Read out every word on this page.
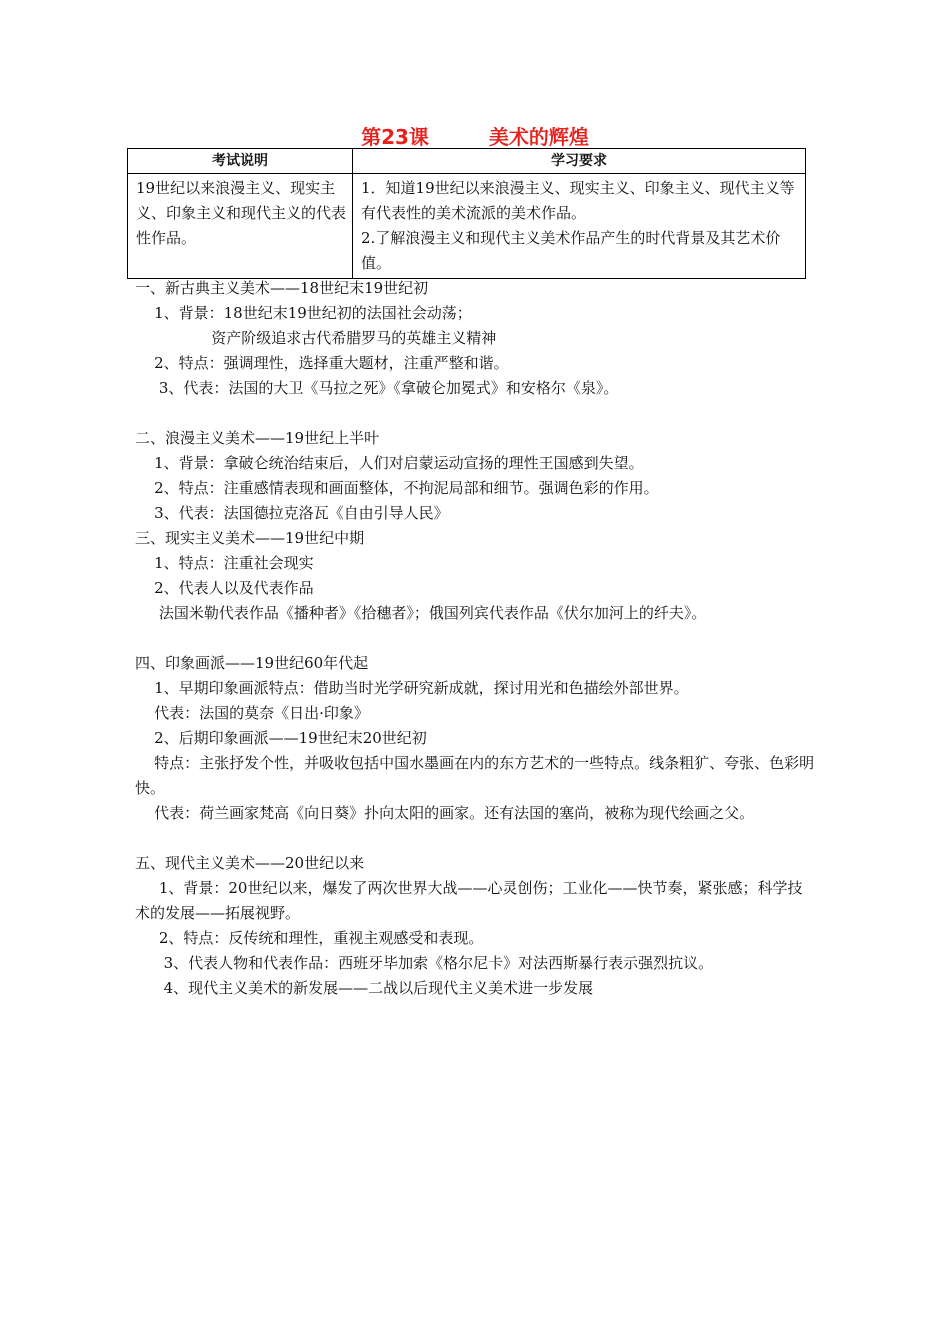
第23课　　　美术的辉煌
考试说明	学习要求
19世纪以来浪漫主义、现实主义、印象主义和现代主义的代表性作品。	1．知道19世纪以来浪漫主义、现实主义、印象主义、现代主义等有代表性的美术流派的美术作品。
2.了解浪漫主义和现代主义美术作品产生的时代背景及其艺术价值。
一、新古典主义美术——18世纪末19世纪初
1、背景：18世纪末19世纪初的法国社会动荡；
资产阶级追求古代希腊罗马的英雄主义精神
2、特点：强调理性，选择重大题材，注重严整和谐。
3、代表：法国的大卫《马拉之死》《拿破仑加冕式》和安格尔《泉》。
二、浪漫主义美术——19世纪上半叶
1、背景：拿破仑统治结束后，人们对启蒙运动宣扬的理性王国感到失望。
2、特点：注重感情表现和画面整体，不拘泥局部和细节。强调色彩的作用。
3、代表：法国德拉克洛瓦《自由引导人民》
三、现实主义美术——19世纪中期
1、特点：注重社会现实
2、代表人以及代表作品
法国米勒代表作品《播种者》《拾穗者》；俄国列宾代表作品《伏尔加河上的纤夫》。
四、印象画派——19世纪60年代起
1、早期印象画派特点：借助当时光学研究新成就，探讨用光和色描绘外部世界。
代表：法国的莫奈《日出·印象》
2、后期印象画派——19世纪末20世纪初
特点：主张抒发个性，并吸收包括中国水墨画在内的东方艺术的一些特点。线条粗犷、夸张、色彩明快。
代表：荷兰画家梵高《向日葵》扑向太阳的画家。还有法国的塞尚，被称为现代绘画之父。
五、现代主义美术——20世纪以来
1、背景：20世纪以来，爆发了两次世界大战——心灵创伤；工业化——快节奏，紧张感；科学技术的发展——拓展视野。
2、特点：反传统和理性，重视主观感受和表现。
3、代表人物和代表作品：西班牙毕加索《格尔尼卡》对法西斯暴行表示强烈抗议。
4、现代主义美术的新发展——二战以后现代主义美术进一步发展
